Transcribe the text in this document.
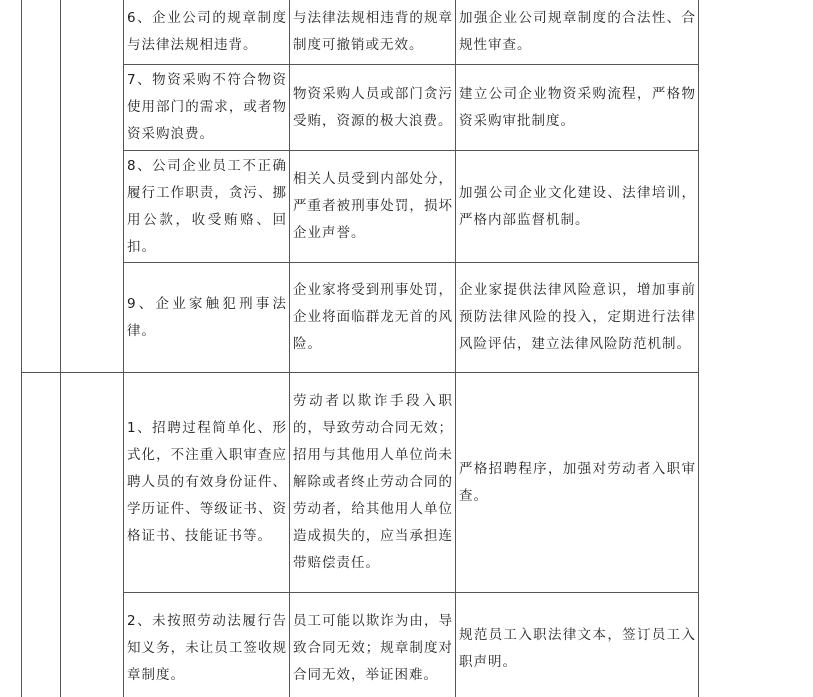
		6、企业公司的规章制度与法律法规相违背。	与法律法规相违背的规章制度可撤销或无效。	加强企业公司规章制度的合法性、合规性审查。

		7、物资采购不符合物资使用部门的需求，或者物资采购浪费。	物资采购人员或部门贪污受贿，资源的极大浪费。	建立公司企业物资采购流程，严格物资采购审批制度。

		8、公司企业员工不正确履行工作职责，贪污、挪用公款，收受贿赂、回扣。	相关人员受到内部处分，严重者被刑事处罚，损坏企业声誉。	加强公司企业文化建设、法律培训，严格内部监督机制。

		9、企业家触犯刑事法律。	企业家将受到刑事处罚，企业将面临群龙无首的风险。	企业家提供法律风险意识，增加事前预防法律风险的投入，定期进行法律风险评估，建立法律风险防范机制。

		1、招聘过程简单化、形式化，不注重入职审查应聘人员的有效身份证件、学历证件、等级证书、资格证书、技能证书等。	劳动者以欺诈手段入职的，导致劳动合同无效；招用与其他用人单位尚未解除或者终止劳动合同的劳动者，给其他用人单位造成损失的，应当承担连带赔偿责任。	严格招聘程序，加强对劳动者入职审查。

		2、未按照劳动法履行告知义务，未让员工签收规章制度。	员工可能以欺诈为由，导致合同无效；规章制度对合同无效，举证困难。	规范员工入职法律文本，签订员工入职声明。
